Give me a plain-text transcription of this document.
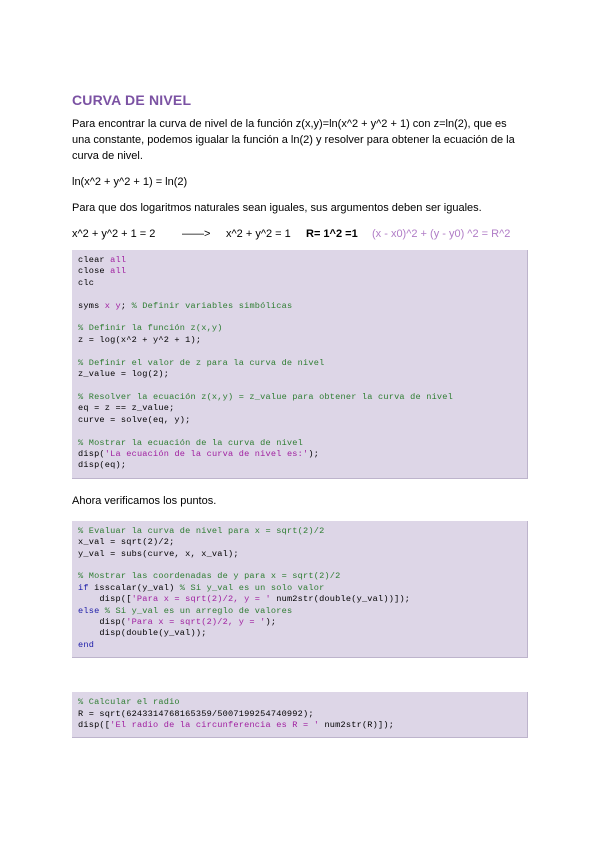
CURVA DE NIVEL

Para encontrar la curva de nivel de la función z(x,y)=ln(x^2 + y^2 + 1) con z=ln(2), que es una constante, podemos igualar la función a ln(2) y resolver para obtener la ecuación de la curva de nivel.

ln(x^2 + y^2 + 1) = ln(2)

Para que dos logaritmos naturales sean iguales, sus argumentos deben ser iguales.

x^2 + y^2 + 1 = 2	——>	x^2 + y^2 = 1	R= 1^2 =1	(x - x0)^2 + (y - y0) ^2 = R^2
clear all
close all
clc

syms x y; % Definir variables simbólicas

% Definir la función z(x,y)
z = log(x^2 + y^2 + 1);

% Definir el valor de z para la curva de nivel
z_value = log(2);

% Resolver la ecuación z(x,y) = z_value para obtener la curva de nivel
eq = z == z_value;
curve = solve(eq, y);

% Mostrar la ecuación de la curva de nivel
disp('La ecuación de la curva de nivel es:');
disp(eq);

Ahora verificamos los puntos.

% Evaluar la curva de nivel para x = sqrt(2)/2
x_val = sqrt(2)/2;
y_val = subs(curve, x, x_val);

% Mostrar las coordenadas de y para x = sqrt(2)/2
if isscalar(y_val) % Si y_val es un solo valor
disp(['Para x = sqrt(2)/2, y = ' num2str(double(y_val))]);
else % Si y_val es un arreglo de valores
disp('Para x = sqrt(2)/2, y = ');
disp(double(y_val));
end
% Calcular el radio
R = sqrt(6243314768165359/5007199254740992);
disp(['El radio de la circunferencia es R = ' num2str(R)]);
